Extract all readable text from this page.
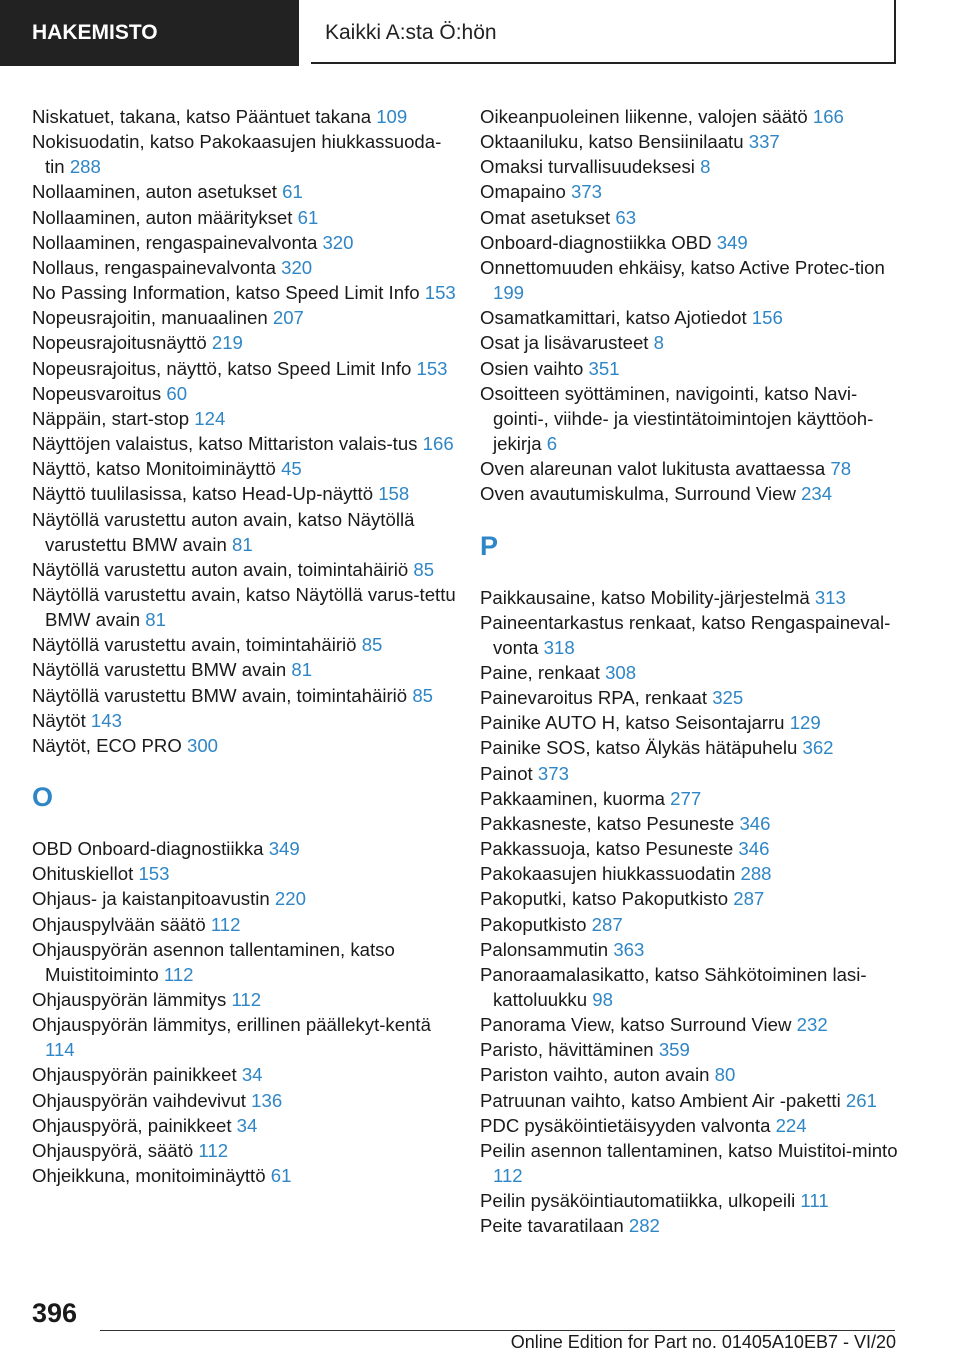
HAKEMISTO	Kaikki A:sta Ö:hön
Niskatuet, takana, katso Pääntuet takana 109
Nokisuodatin, katso Pakokaasujen hiukkassuoda-tin 288
Nollaaminen, auton asetukset 61
Nollaaminen, auton määritykset 61
Nollaaminen, rengaspainevalvonta 320
Nollaus, rengaspainevalvonta 320
No Passing Information, katso Speed Limit Info 153
Nopeusrajoitin, manuaalinen 207
Nopeusrajoitusnäyttö 219
Nopeusrajoitus, näyttö, katso Speed Limit Info 153
Nopeusvaroitus 60
Näppäin, start-stop 124
Näyttöjen valaistus, katso Mittariston valais-tus 166
Näyttö, katso Monitoiminäyttö 45
Näyttö tuulilasissa, katso Head-Up-näyttö 158
Näytöllä varustettu auton avain, katso Näytöllä varustettu BMW avain 81
Näytöllä varustettu auton avain, toimintahäiriö 85
Näytöllä varustettu avain, katso Näytöllä varus-tettu BMW avain 81
Näytöllä varustettu avain, toimintahäiriö 85
Näytöllä varustettu BMW avain 81
Näytöllä varustettu BMW avain, toimintahäiriö 85
Näytöt 143
Näytöt, ECO PRO 300
O
OBD Onboard-diagnostiikka 349
Ohituskiellot 153
Ohjaus- ja kaistanpitoavustin 220
Ohjauspylvään säätö 112
Ohjauspyörän asennon tallentaminen, katso Muistitoiminto 112
Ohjauspyörän lämmitys 112
Ohjauspyörän lämmitys, erillinen päällekyt-kentä 114
Ohjauspyörän painikkeet 34
Ohjauspyörän vaihdevivut 136
Ohjauspyörä, painikkeet 34
Ohjauspyörä, säätö 112
Ohjeikkuna, monitoiminäyttö 61
Oikeanpuoleinen liikenne, valojen säätö 166
Oktaaniluku, katso Bensiinilaatu 337
Omaksi turvallisuudeksesi 8
Omapaino 373
Omat asetukset 63
Onboard-diagnostiikka OBD 349
Onnettomuuden ehkäisy, katso Active Protec-tion 199
Osamatkamittari, katso Ajotiedot 156
Osat ja lisävarusteet 8
Osien vaihto 351
Osoitteen syöttäminen, navigointi, katso Navi-gointi-, viihde- ja viestintätoimintojen käyttöoh-jekirja 6
Oven alareunan valot lukitusta avattaessa 78
Oven avautumiskulma, Surround View 234
P
Paikkausaine, katso Mobility-järjestelmä 313
Paineentarkastus renkaat, katso Rengaspaineval-vonta 318
Paine, renkaat 308
Painevaroitus RPA, renkaat 325
Painike AUTO H, katso Seisontajarru 129
Painike SOS, katso Älykäs hätäpuhelu 362
Painot 373
Pakkaaminen, kuorma 277
Pakkasneste, katso Pesuneste 346
Pakkassuoja, katso Pesuneste 346
Pakokaasujen hiukkassuodatin 288
Pakoputki, katso Pakoputkisto 287
Pakoputkisto 287
Palonsammutin 363
Panoraamalasikatto, katso Sähkötoiminen lasi-kattoluukku 98
Panorama View, katso Surround View 232
Paristo, hävittäminen 359
Pariston vaihto, auton avain 80
Patruunan vaihto, katso Ambient Air -paketti 261
PDC pysäköintietäisyyden valvonta 224
Peilin asennon tallentaminen, katso Muistitoi-minto 112
Peilin pysäköintiautomatiikka, ulkopeili 111
Peite tavaratilaan 282
396
Online Edition for Part no. 01405A10EB7 - VI/20
